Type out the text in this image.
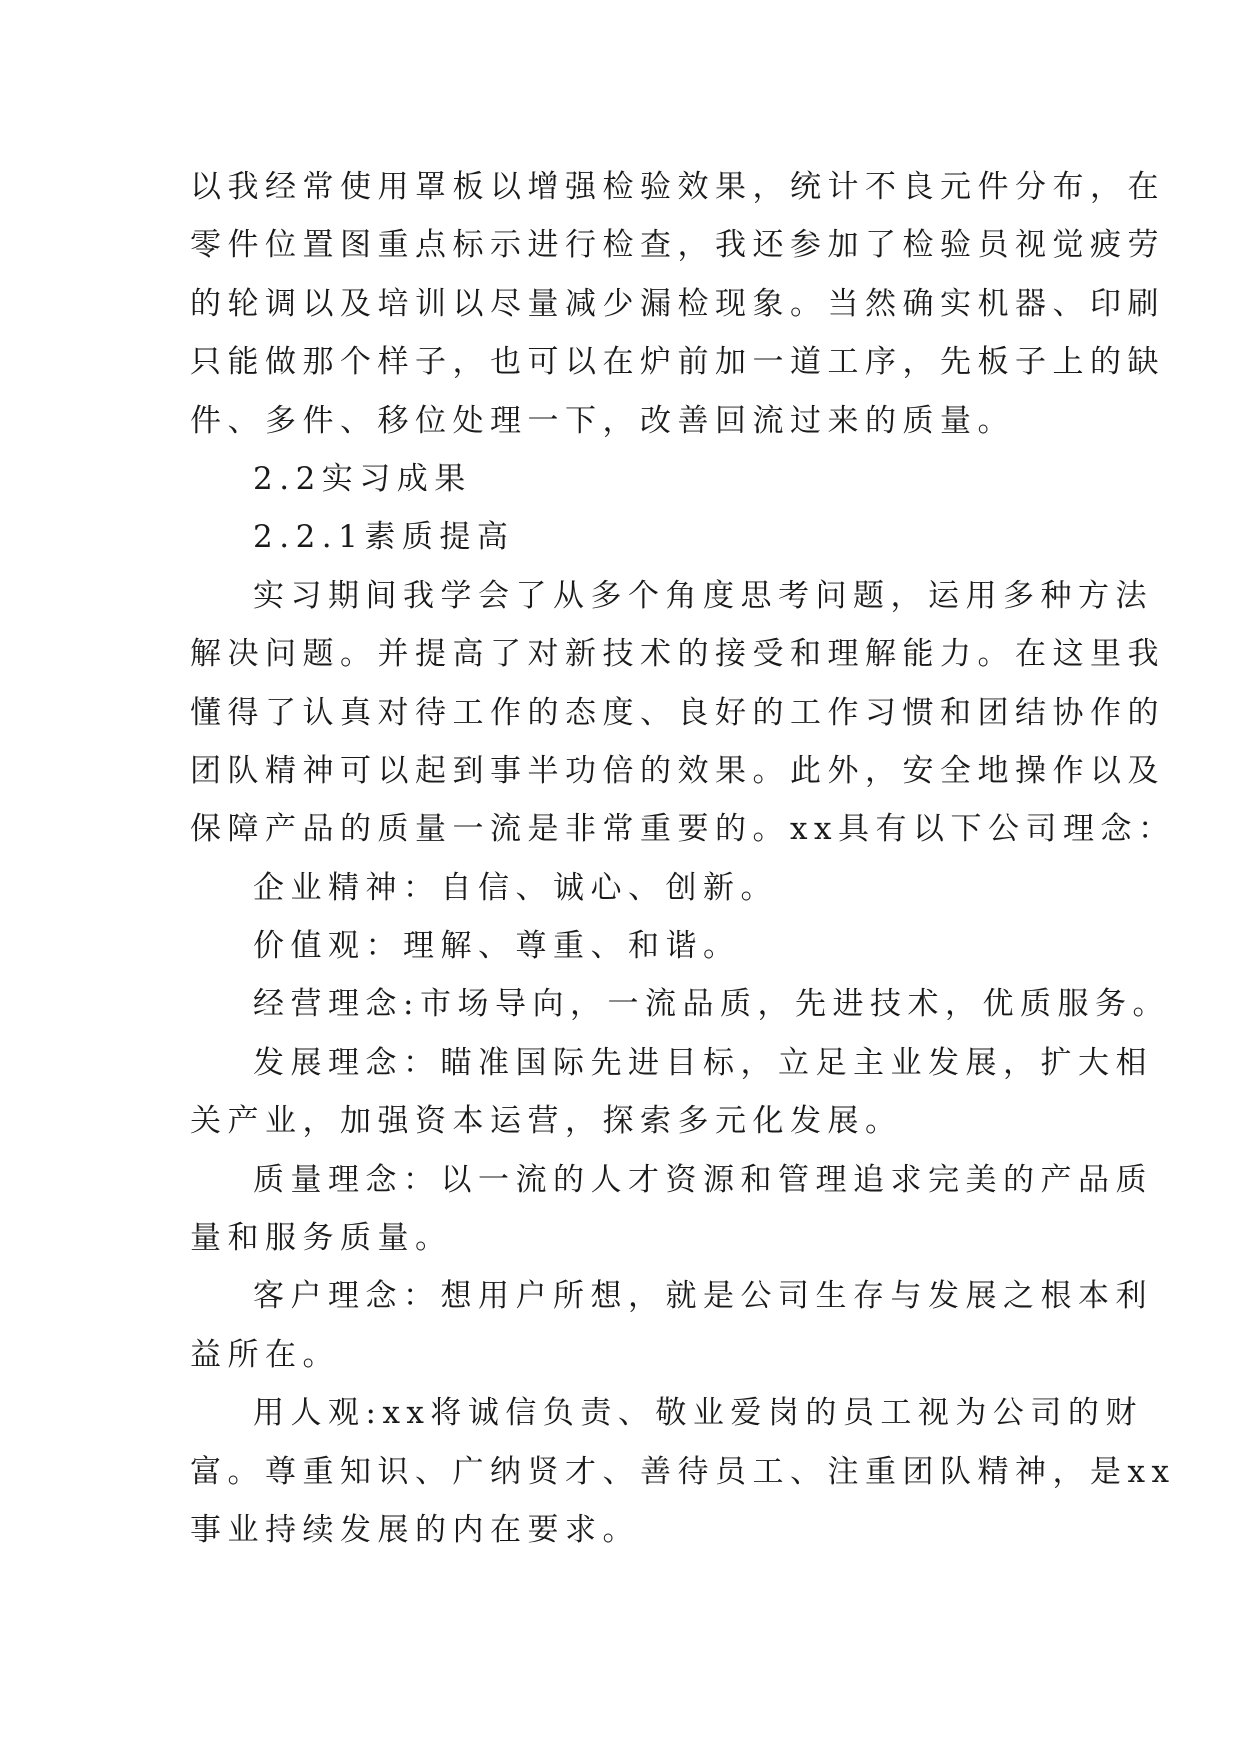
以我经常使用罩板以增强检验效果，统计不良元件分布，在
零件位置图重点标示进行检查，我还参加了检验员视觉疲劳
的轮调以及培训以尽量减少漏检现象。当然确实机器、印刷
只能做那个样子，也可以在炉前加一道工序，先板子上的缺
件、多件、移位处理一下，改善回流过来的质量。
2.2实习成果
2.2.1素质提高
实习期间我学会了从多个角度思考问题，运用多种方法
解决问题。并提高了对新技术的接受和理解能力。在这里我
懂得了认真对待工作的态度、良好的工作习惯和团结协作的
团队精神可以起到事半功倍的效果。此外，安全地操作以及
保障产品的质量一流是非常重要的。xx具有以下公司理念：
企业精神：自信、诚心、创新。
价值观：理解、尊重、和谐。
经营理念:市场导向，一流品质，先进技术，优质服务。
发展理念：瞄准国际先进目标，立足主业发展，扩大相
关产业，加强资本运营，探索多元化发展。
质量理念：以一流的人才资源和管理追求完美的产品质
量和服务质量。
客户理念：想用户所想，就是公司生存与发展之根本利
益所在。
用人观:xx将诚信负责、敬业爱岗的员工视为公司的财
富。尊重知识、广纳贤才、善待员工、注重团队精神，是xx
事业持续发展的内在要求。
